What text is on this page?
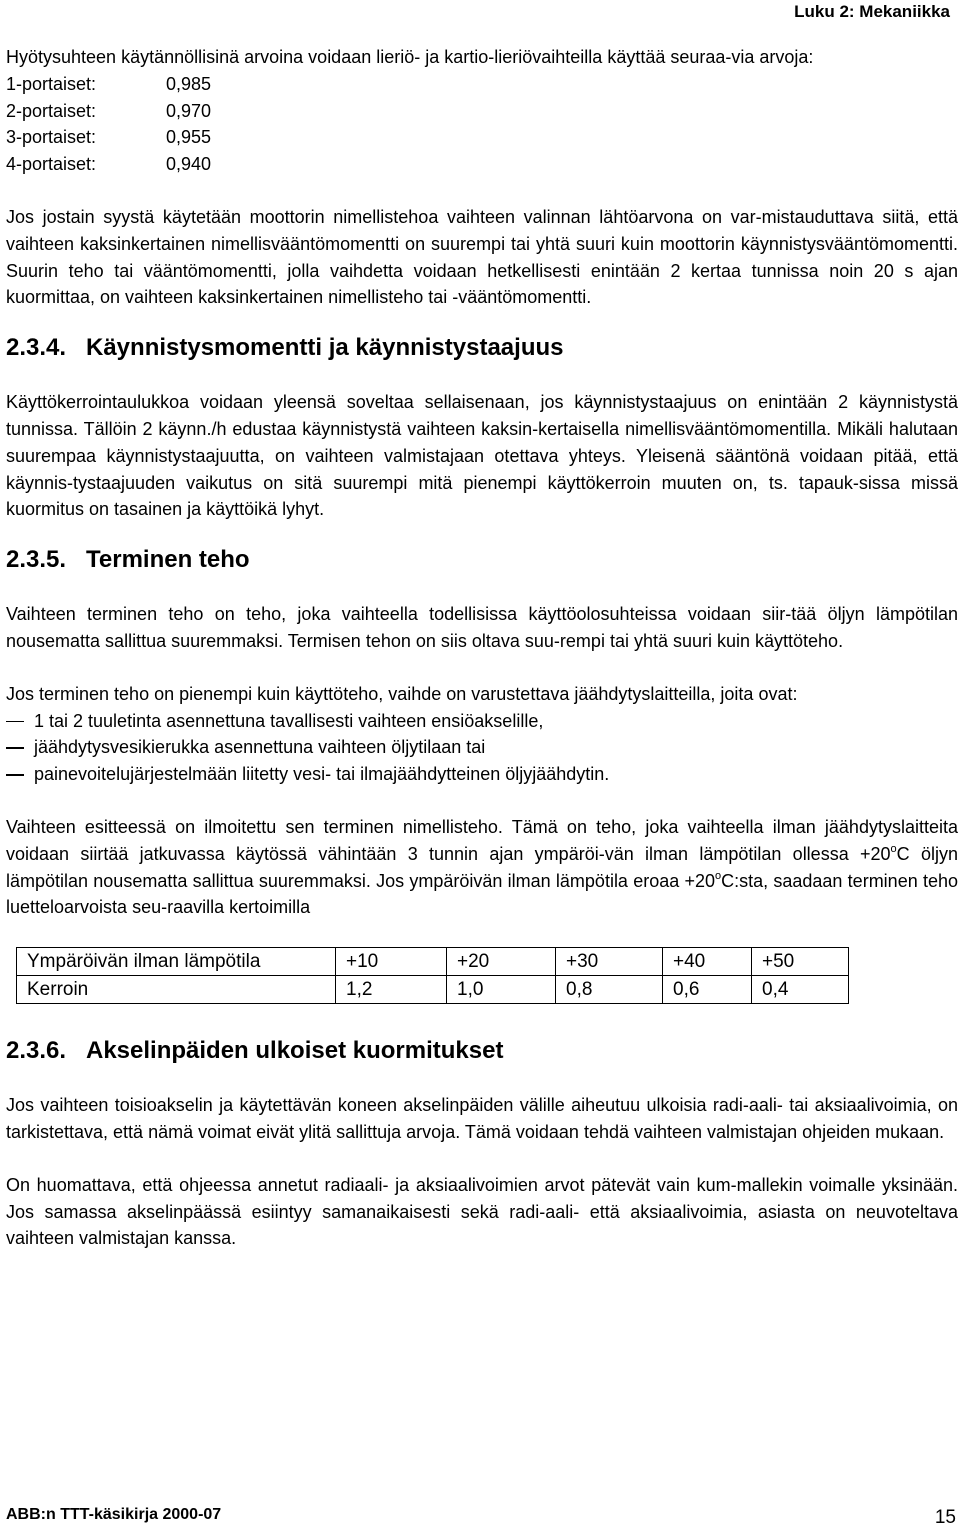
Luku 2: Mekaniikka

Hyötysuhteen käytännöllisinä arvoina voidaan lieriö- ja kartio-lieriövaihteilla käyttää seuraa-via arvoja:

1-portaiset:	0,985
2-portaiset:	0,970
3-portaiset:	0,955
4-portaiset:	0,940

Jos jostain syystä käytetään moottorin nimellistehoa vaihteen valinnan lähtöarvona on var-mistauduttava siitä, että vaihteen kaksinkertainen nimellisvääntömomentti on suurempi tai yhtä suuri kuin moottorin käynnistysvääntömomentti. Suurin teho tai vääntömomentti, jolla vaihdetta voidaan hetkellisesti enintään 2 kertaa tunnissa noin 20 s ajan kuormittaa, on vaihteen kaksinkertainen nimellisteho tai -vääntömomentti.

2.3.4. Käynnistysmomentti ja käynnistystaajuus

Käyttökerrointaulukkoa voidaan yleensä soveltaa sellaisenaan, jos käynnistystaajuus on enintään 2 käynnistystä tunnissa. Tällöin 2 käynn./h edustaa käynnistystä vaihteen kaksin-kertaisella nimellisvääntömomentilla. Mikäli halutaan suurempaa käynnistystaajuutta, on vaihteen valmistajaan otettava yhteys. Yleisenä sääntönä voidaan pitää, että käynnis-tystaajuuden vaikutus on sitä suurempi mitä pienempi käyttökerroin muuten on, ts. tapauk-sissa missä kuormitus on tasainen ja käyttöikä lyhyt.

2.3.5. Terminen teho

Vaihteen terminen teho on teho, joka vaihteella todellisissa käyttöolosuhteissa voidaan siir-tää öljyn lämpötilan nousematta sallittua suuremmaksi. Termisen tehon on siis oltava suu-rempi tai yhtä suuri kuin käyttöteho.

Jos terminen teho on pienempi kuin käyttöteho, vaihde on varustettava jäähdytyslaitteilla, joita ovat:

1 tai 2 tuuletinta asennettuna tavallisesti vaihteen ensiöakselille,
jäähdytysvesikierukka asennettuna vaihteen öljytilaan tai
painevoitelujärjestelmään liitetty vesi- tai ilmajäähdytteinen öljyjäähdytin.

Vaihteen esitteessä on ilmoitettu sen terminen nimellisteho. Tämä on teho, joka vaihteella ilman jäähdytyslaitteita voidaan siirtää jatkuvassa käytössä vähintään 3 tunnin ajan ympäröi-vän ilman lämpötilan ollessa $+20^oC$ öljyn lämpötilan nousematta sallittua suuremmaksi. Jos ympäröivän ilman lämpötila eroaa $+20^oC:sta$, saadaan terminen teho luetteloarvoista seu-raavilla kertoimilla

Ympäröivän ilman lämpötila	+10	+20	+30	+40	+50
Kerroin	1,2	1,0	0,8	0,6	0,4
2.3.6. Akselinpäiden ulkoiset kuormitukset

Jos vaihteen toisioakselin ja käytettävän koneen akselinpäiden välille aiheutuu ulkoisia radi-aali- tai aksiaalivoimia, on tarkistettava, että nämä voimat eivät ylitä sallittuja arvoja. Tämä voidaan tehdä vaihteen valmistajan ohjeiden mukaan.

On huomattava, että ohjeessa annetut radiaali- ja aksiaalivoimien arvot pätevät vain kum-mallekin voimalle yksinään. Jos samassa akselinpäässä esiintyy samanaikaisesti sekä radi-aali- että aksiaalivoimia, asiasta on neuvoteltava vaihteen valmistajan kanssa.

ABB:n TTT-käsikirja 2000-07	15
